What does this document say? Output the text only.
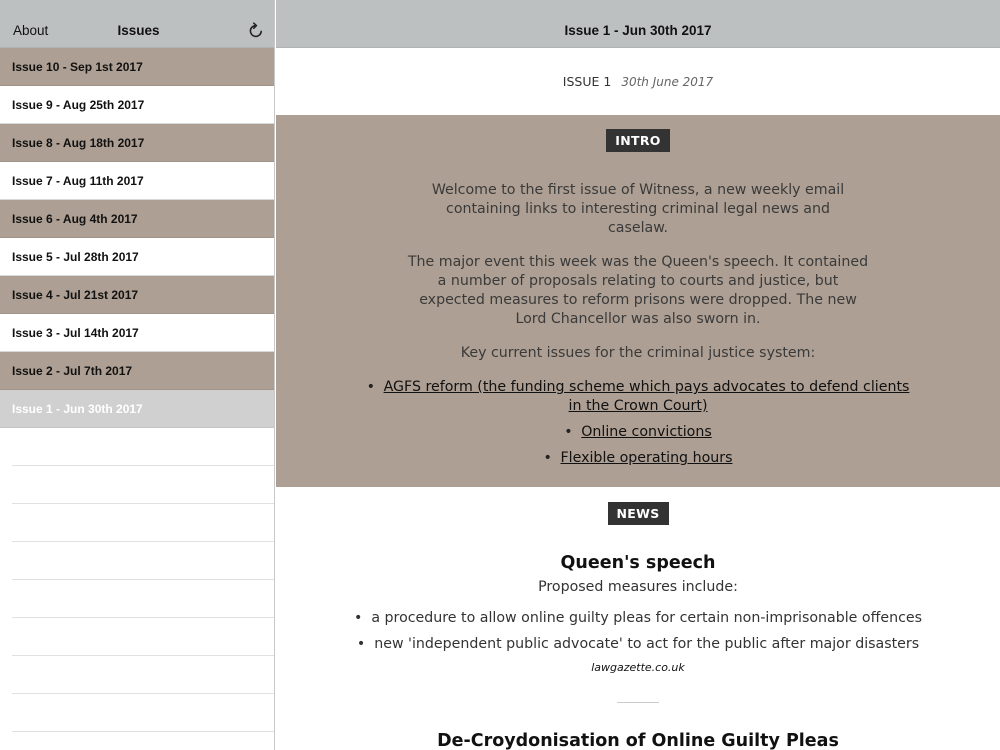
About	Issues
Issue 10 - Sep 1st 2017
Issue 9 - Aug 25th 2017
Issue 8 - Aug 18th 2017
Issue 7 - Aug 11th 2017
Issue 6 - Aug 4th 2017
Issue 5 - Jul 28th 2017
Issue 4 - Jul 21st 2017
Issue 3 - Jul 14th 2017
Issue 2 - Jul 7th 2017
Issue 1 - Jun 30th 2017
Issue 1 - Jun 30th 2017
ISSUE 1 30th June 2017
INTRO

Welcome to the first issue of Witness, a new weekly email containing links to interesting criminal legal news and caselaw.

The major event this week was the Queen's speech. It contained a number of proposals relating to courts and justice, but expected measures to reform prisons were dropped. The new Lord Chancellor was also sworn in.

Key current issues for the criminal justice system:

• AGFS reform (the funding scheme which pays advocates to defend clients in the Crown Court)
• Online convictions
• Flexible operating hours
NEWS
Queen's speech
Proposed measures include:
• a procedure to allow online guilty pleas for certain non-imprisonable offences
• new 'independent public advocate' to act for the public after major disasters
lawgazette.co.uk
De-Croydonisation of Online Guilty Pleas
